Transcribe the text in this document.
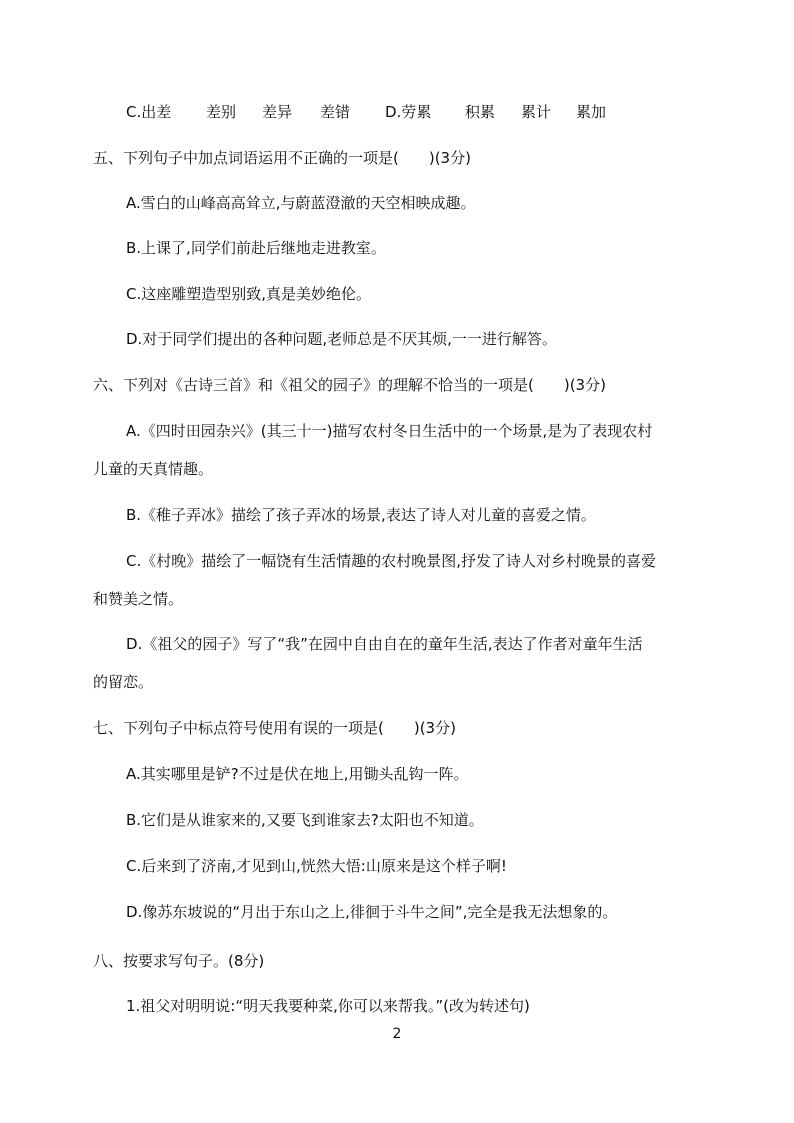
C.出差 差别 差异 差错 D.劳累 积累 累计 累加
五、下列句子中加点词语运用不正确的一项是(　　)(3分)
A.雪白的山峰高高耸立,与蔚蓝澄澈的天空相映成趣。
B.上课了,同学们前赴后继地走进教室。
C.这座雕塑造型别致,真是美妙绝伦。
D.对于同学们提出的各种问题,老师总是不厌其烦,一一进行解答。
六、下列对《古诗三首》和《祖父的园子》的理解不恰当的一项是(　　)(3分)
A.《四时田园杂兴》(其三十一)描写农村冬日生活中的一个场景,是为了表现农村
儿童的天真情趣。
B.《稚子弄冰》描绘了孩子弄冰的场景,表达了诗人对儿童的喜爱之情。
C.《村晚》描绘了一幅饶有生活情趣的农村晚景图,抒发了诗人对乡村晚景的喜爱
和赞美之情。
D.《祖父的园子》写了“我”在园中自由自在的童年生活,表达了作者对童年生活
的留恋。
七、下列句子中标点符号使用有误的一项是(　　)(3分)
A.其实哪里是铲?不过是伏在地上,用锄头乱钩一阵。
B.它们是从谁家来的,又要飞到谁家去?太阳也不知道。
C.后来到了济南,才见到山,恍然大悟:山原来是这个样子啊!
D.像苏东坡说的“月出于东山之上,徘徊于斗牛之间”,完全是我无法想象的。
八、按要求写句子。(8分)
1.祖父对明明说:“明天我要种菜,你可以来帮我。”(改为转述句)
2
